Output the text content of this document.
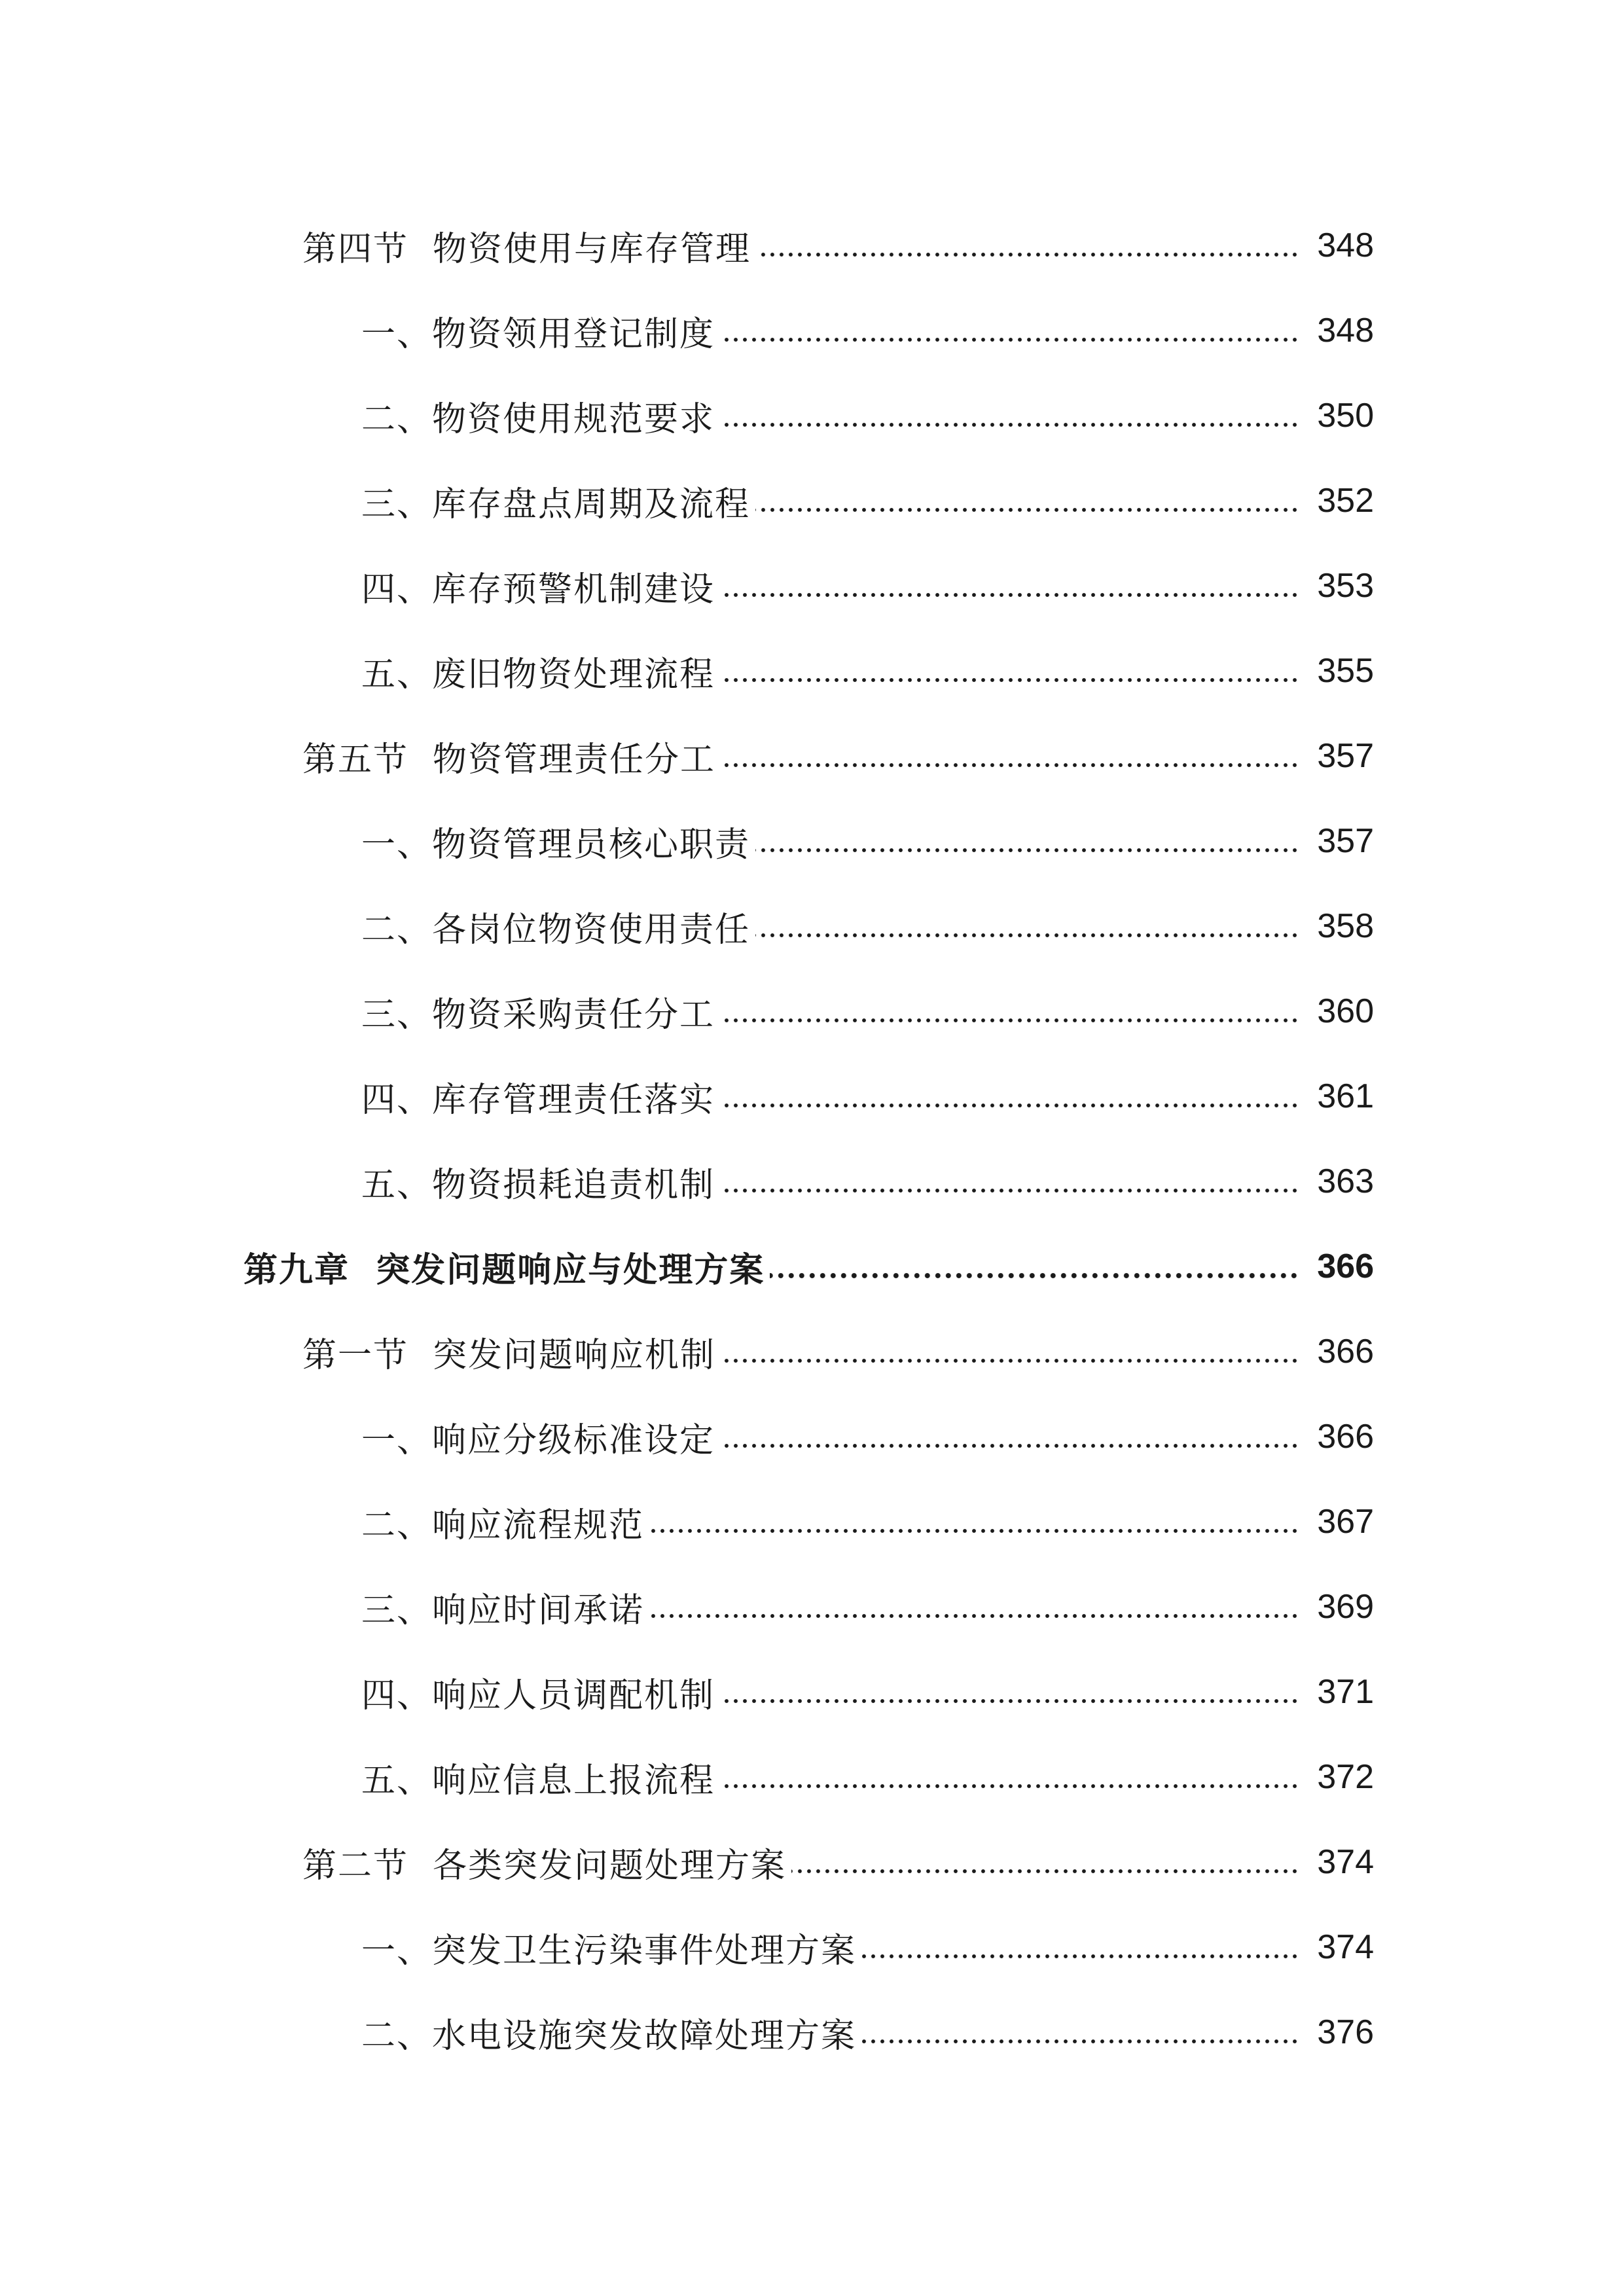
第四节  物资使用与库存管理	348
一、物资领用登记制度	348
二、物资使用规范要求	350
三、库存盘点周期及流程	352
四、库存预警机制建设	353
五、废旧物资处理流程	355
第五节  物资管理责任分工	357
一、物资管理员核心职责	357
二、各岗位物资使用责任	358
三、物资采购责任分工	360
四、库存管理责任落实	361
五、物资损耗追责机制	363
第九章  突发问题响应与处理方案	366
第一节  突发问题响应机制	366
一、响应分级标准设定	366
二、响应流程规范	367
三、响应时间承诺	369
四、响应人员调配机制	371
五、响应信息上报流程	372
第二节  各类突发问题处理方案	374
一、突发卫生污染事件处理方案	374
二、水电设施突发故障处理方案	376
